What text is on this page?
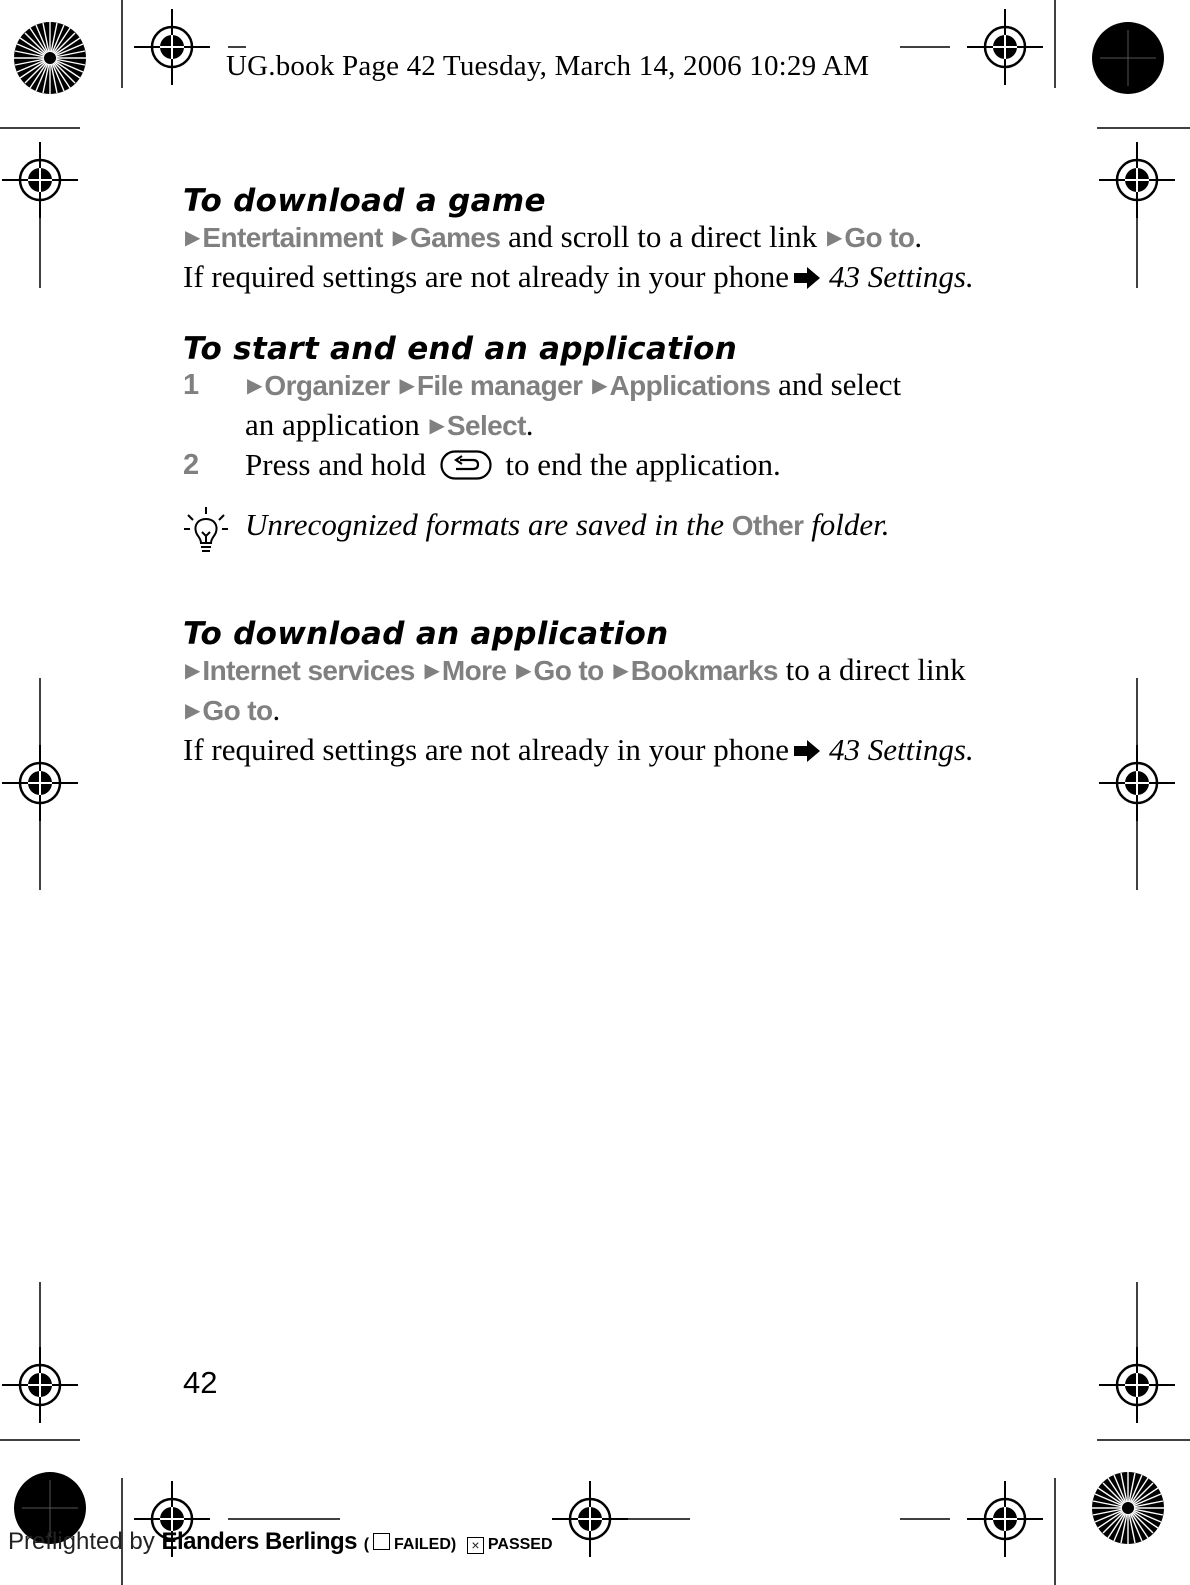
UG.book Page 42 Tuesday, March 14, 2006 10:29 AM
To download a game
▶Entertainment ▶Games and scroll to a direct link ▶Go to.
If required settings are not already in your phone 43 Settings.
To start and end an application
1 ▶Organizer ▶File manager ▶Applications and select
an application ▶Select.
2 Press and hold  to end the application.
Unrecognized formats are saved in the Other folder.
To download an application
▶Internet services ▶More ▶Go to ▶Bookmarks to a direct link
▶Go to.
If required settings are not already in your phone 43 Settings.
42
Preflighted by Elanders Berlings ( FAILED) × PASSED
